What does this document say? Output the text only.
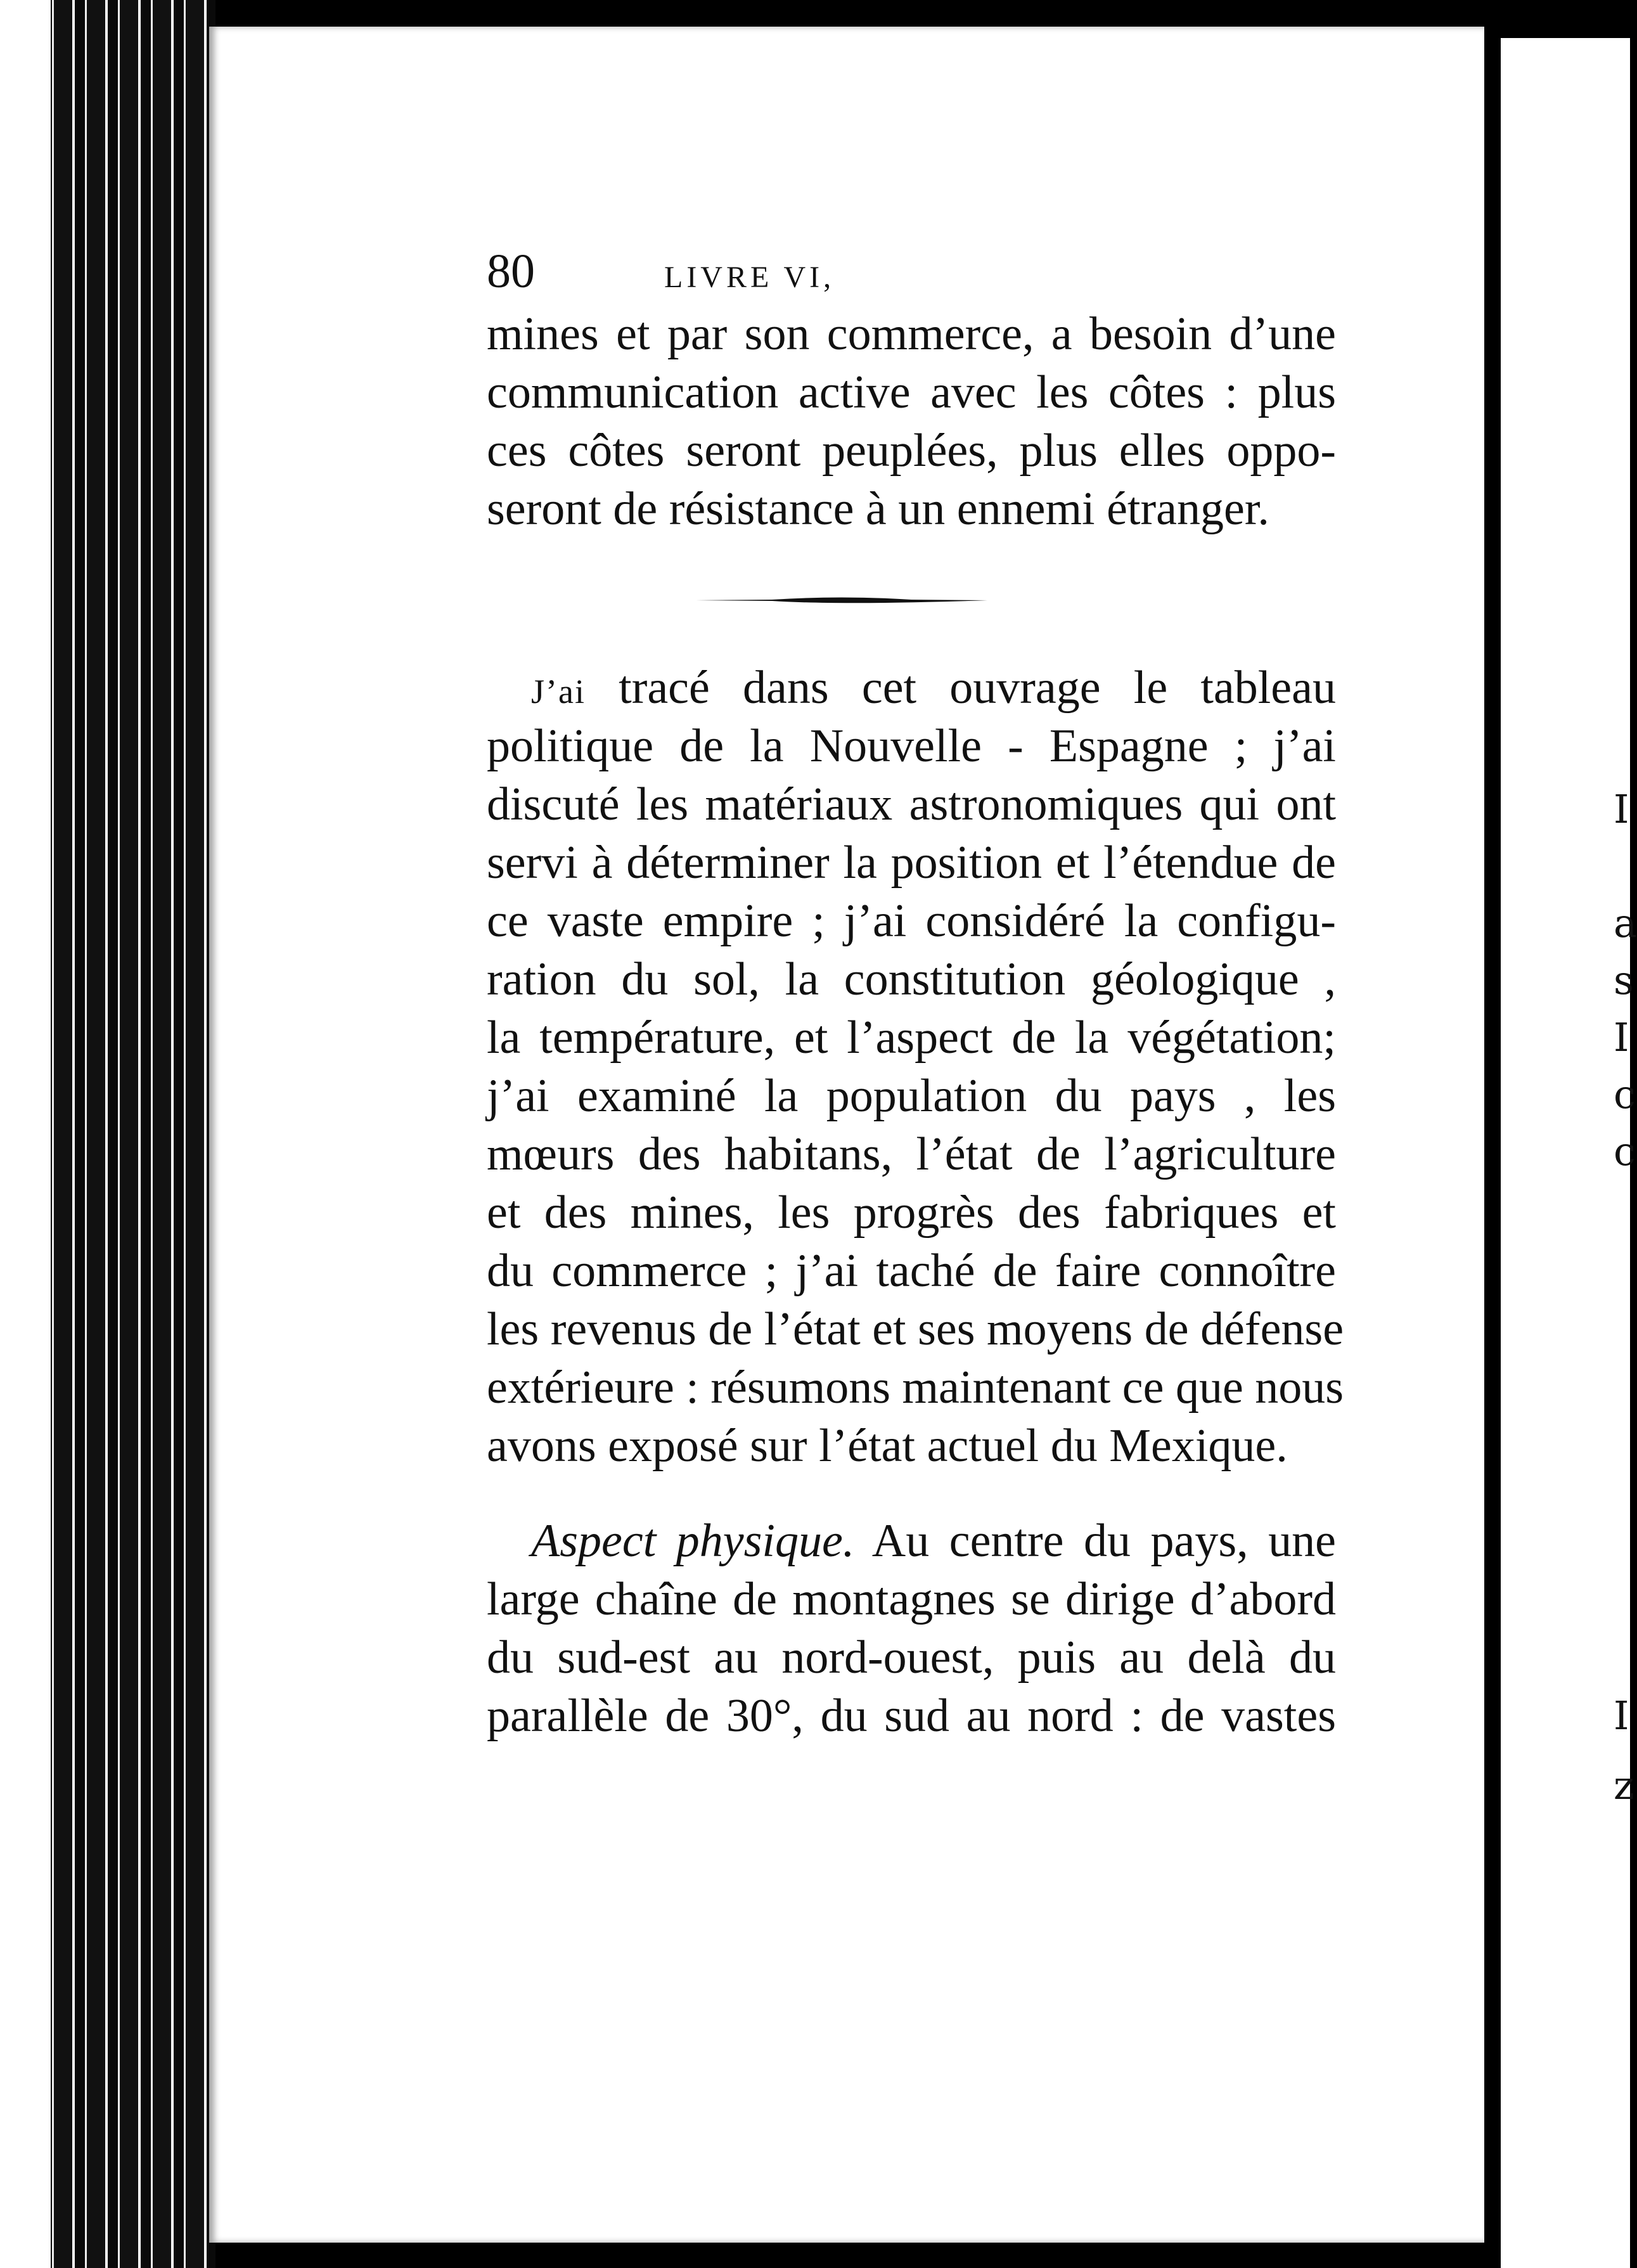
I
a
s
I
c
c
I
z
80	LIVRE VI,
mines et par son commerce, a besoin d’une
communication active avec les côtes : plus
ces côtes seront peuplées, plus elles oppo-
seront de résistance à un ennemi étranger.
J’ai tracé dans cet ouvrage le tableau
politique de la Nouvelle - Espagne ; j’ai
discuté les matériaux astronomiques qui ont
servi à déterminer la position et l’étendue de
ce vaste empire ; j’ai considéré la configu-
ration du sol, la constitution géologique ,
la température, et l’aspect de la végétation;
j’ai examiné la population du pays , les
mœurs des habitans, l’état de l’agriculture
et des mines, les progrès des fabriques et
du commerce ; j’ai taché de faire connoître
les revenus de l’état et ses moyens de défense
extérieure : résumons maintenant ce que nous
avons exposé sur l’état actuel du Mexique.
Aspect physique. Au centre du pays, une
large chaîne de montagnes se dirige d’abord
du sud-est au nord-ouest, puis au delà du
parallèle de 30°, du sud au nord : de vastes
